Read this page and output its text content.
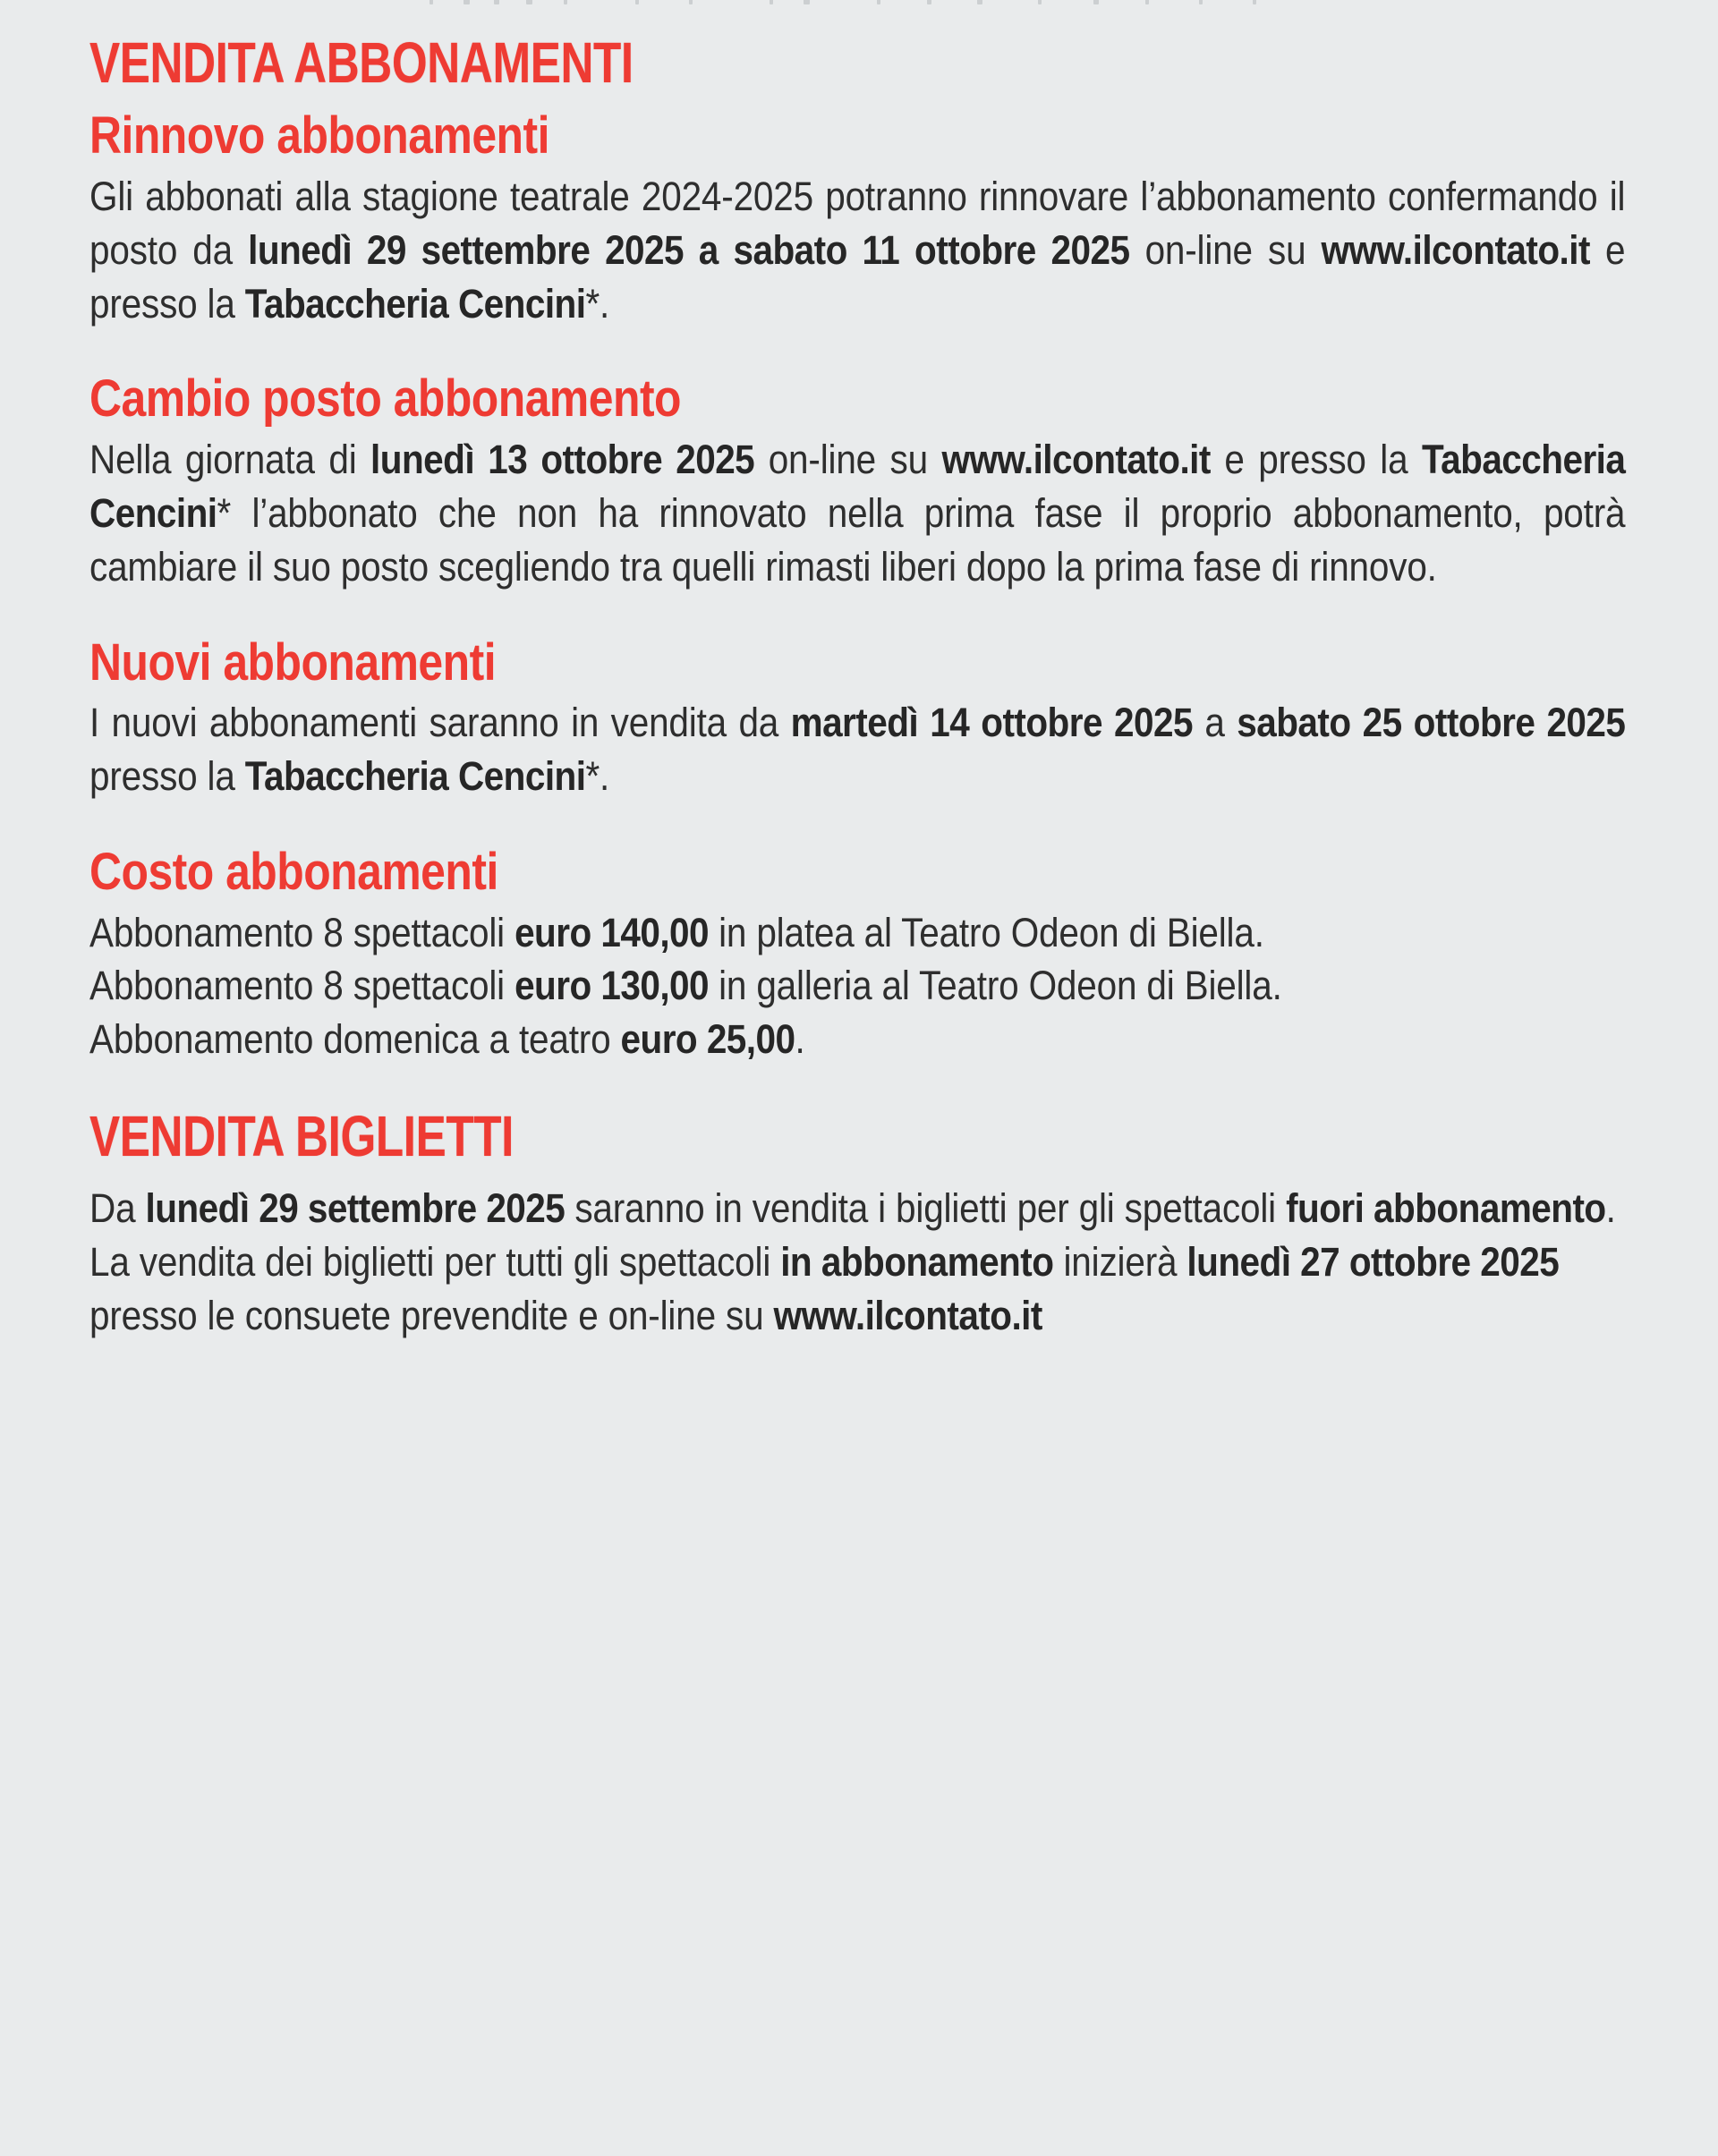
VENDITA ABBONAMENTI
Rinnovo abbonamenti

Gli abbonati alla stagione teatrale 2024-2025 potranno rinnovare l’abbonamento confermando il posto da lunedì 29 settembre 2025 a sabato 11 ottobre 2025 on-line su www.ilcontato.it e presso la Tabaccheria Cencini*.

Cambio posto abbonamento

Nella giornata di lunedì 13 ottobre 2025 on-line su www.ilcontato.it e presso la Tabaccheria Cencini* l’abbonato che non ha rinnovato nella prima fase il proprio abbonamento, potrà cambiare il suo posto scegliendo tra quelli rimasti liberi dopo la prima fase di rinnovo.

Nuovi abbonamenti

I nuovi abbonamenti saranno in vendita da martedì 14 ottobre 2025 a sabato 25 ottobre 2025 presso la Tabaccheria Cencini*.

Costo abbonamenti

Abbonamento 8 spettacoli euro 140,00 in platea al Teatro Odeon di Biella.

Abbonamento 8 spettacoli euro 130,00 in galleria al Teatro Odeon di Biella.

Abbonamento domenica a teatro euro 25,00.

VENDITA BIGLIETTI

Da lunedì 29 settembre 2025 saranno in vendita i biglietti per gli spettacoli fuori abbonamento.

La vendita dei biglietti per tutti gli spettacoli in abbonamento inizierà lunedì 27 ottobre 2025 presso le consuete prevendite e on-line su www.ilcontato.it
